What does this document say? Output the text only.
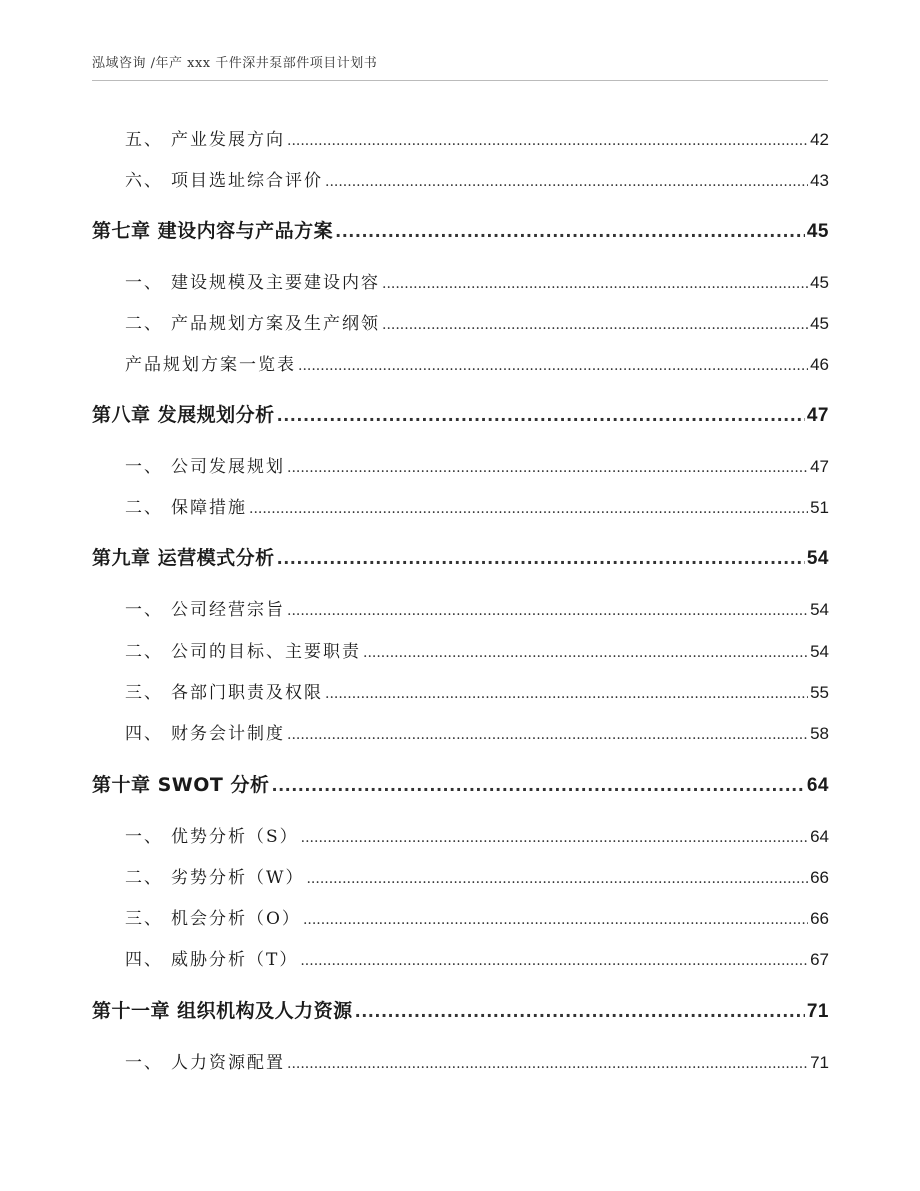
泓域咨询 /年产 xxx 千件深井泵部件项目计划书
五、 产业发展方向 .....	42
六、 项目选址综合评价 .....	43
第七章 建设内容与产品方案 .....	45
一、 建设规模及主要建设内容 .....	45
二、 产品规划方案及生产纲领 .....	45
产品规划方案一览表 .....	46
第八章 发展规划分析 .....	47
一、 公司发展规划 .....	47
二、 保障措施 .....	51
第九章 运营模式分析 .....	54
一、 公司经营宗旨 .....	54
二、 公司的目标、主要职责 .....	54
三、 各部门职责及权限 .....	55
四、 财务会计制度 .....	58
第十章 SWOT 分析 .....	64
一、 优势分析（S） .....	64
二、 劣势分析（W） .....	66
三、 机会分析（O） .....	66
四、 威胁分析（T） .....	67
第十一章 组织机构及人力资源 .....	71
一、 人力资源配置 .....	71
